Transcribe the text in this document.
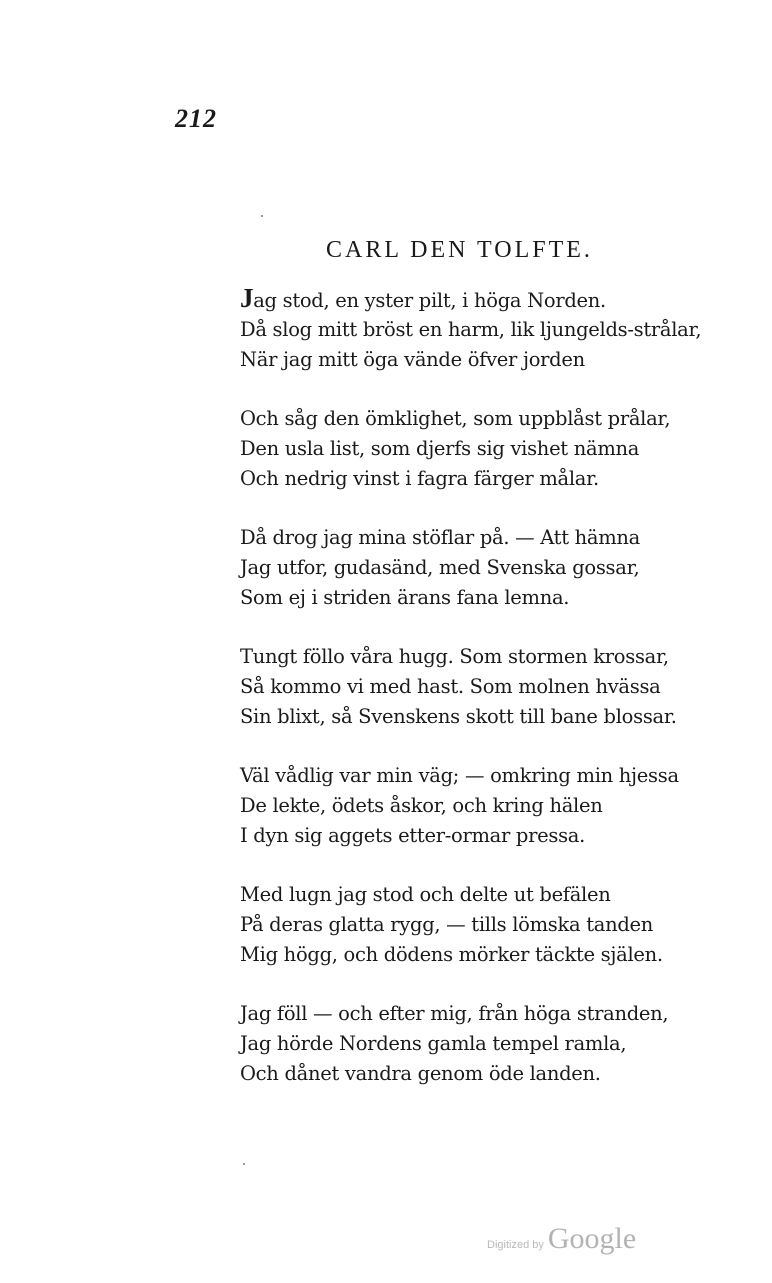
212
CARL DEN TOLFTE.
Jag stod, en yster pilt, i höga Norden.
Då slog mitt bröst en harm, lik ljungelds-strålar,
När jag mitt öga vände öfver jorden
Och såg den ömklighet, som uppblåst prålar,
Den usla list, som djerfs sig vishet nämna
Och nedrig vinst i fagra färger målar.
Då drog jag mina stöflar på. — Att hämna
Jag utfor, gudasänd, med Svenska gossar,
Som ej i striden ärans fana lemna.
Tungt föllo våra hugg. Som stormen krossar,
Så kommo vi med hast. Som molnen hvässa
Sin blixt, så Svenskens skott till bane blossar.
Väl vådlig var min väg; — omkring min hjessa
De lekte, ödets åskor, och kring hälen
I dyn sig aggets etter-ormar pressa.
Med lugn jag stod och delte ut befälen
På deras glatta rygg, — tills lömska tanden
Mig högg, och dödens mörker täckte själen.
Jag föll — och efter mig, från höga stranden,
Jag hörde Nordens gamla tempel ramla,
Och dånet vandra genom öde landen.
Digitized by Google
